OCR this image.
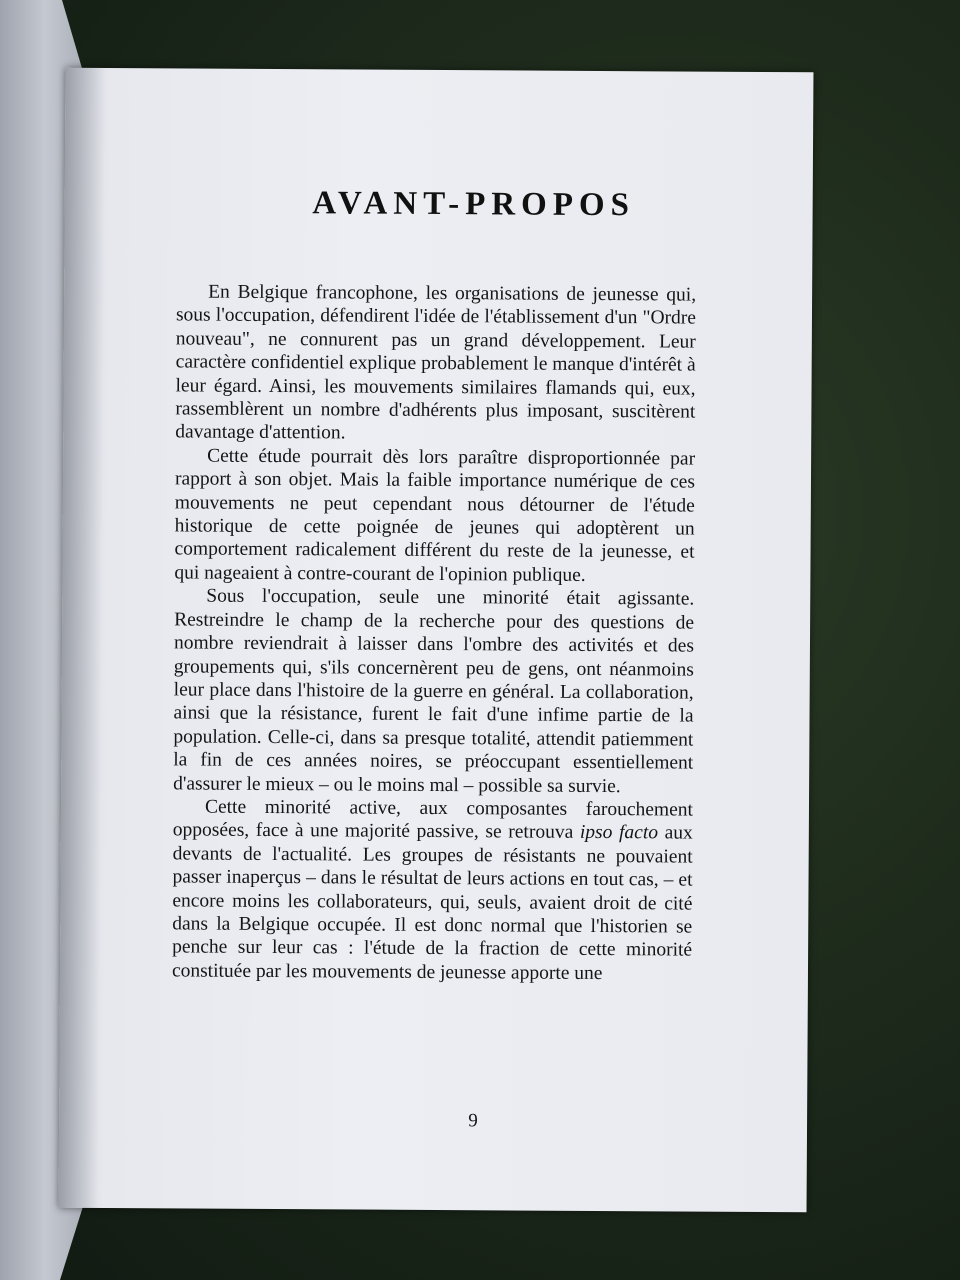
AVANT-PROPOS

En Belgique francophone, les organisations de jeunesse qui, sous l'occupation, défendirent l'idée de l'établissement d'un "Ordre nouveau", ne connurent pas un grand développement. Leur caractère confidentiel explique probablement le manque d'intérêt à leur égard. Ainsi, les mouvements similaires flamands qui, eux, rassemblèrent un nombre d'adhérents plus imposant, suscitèrent davantage d'attention.

Cette étude pourrait dès lors paraître disproportionnée par rapport à son objet. Mais la faible importance numérique de ces mouvements ne peut cependant nous détourner de l'étude historique de cette poignée de jeunes qui adoptèrent un comportement radicalement différent du reste de la jeunesse, et qui nageaient à contre-courant de l'opinion publique.

Sous l'occupation, seule une minorité était agissante. Restreindre le champ de la recherche pour des questions de nombre reviendrait à laisser dans l'ombre des activités et des groupements qui, s'ils concernèrent peu de gens, ont néanmoins leur place dans l'histoire de la guerre en général. La collaboration, ainsi que la résistance, furent le fait d'une infime partie de la population. Celle-ci, dans sa presque totalité, attendit patiemment la fin de ces années noires, se préoccupant essentiellement d'assurer le mieux – ou le moins mal – possible sa survie.

Cette minorité active, aux composantes farouchement opposées, face à une majorité passive, se retrouva ipso facto aux devants de l'actualité. Les groupes de résistants ne pouvaient passer inaperçus – dans le résultat de leurs actions en tout cas, – et encore moins les collaborateurs, qui, seuls, avaient droit de cité dans la Belgique occupée. Il est donc normal que l'historien se penche sur leur cas : l'étude de la fraction de cette minorité constituée par les mouvements de jeunesse apporte une

9
